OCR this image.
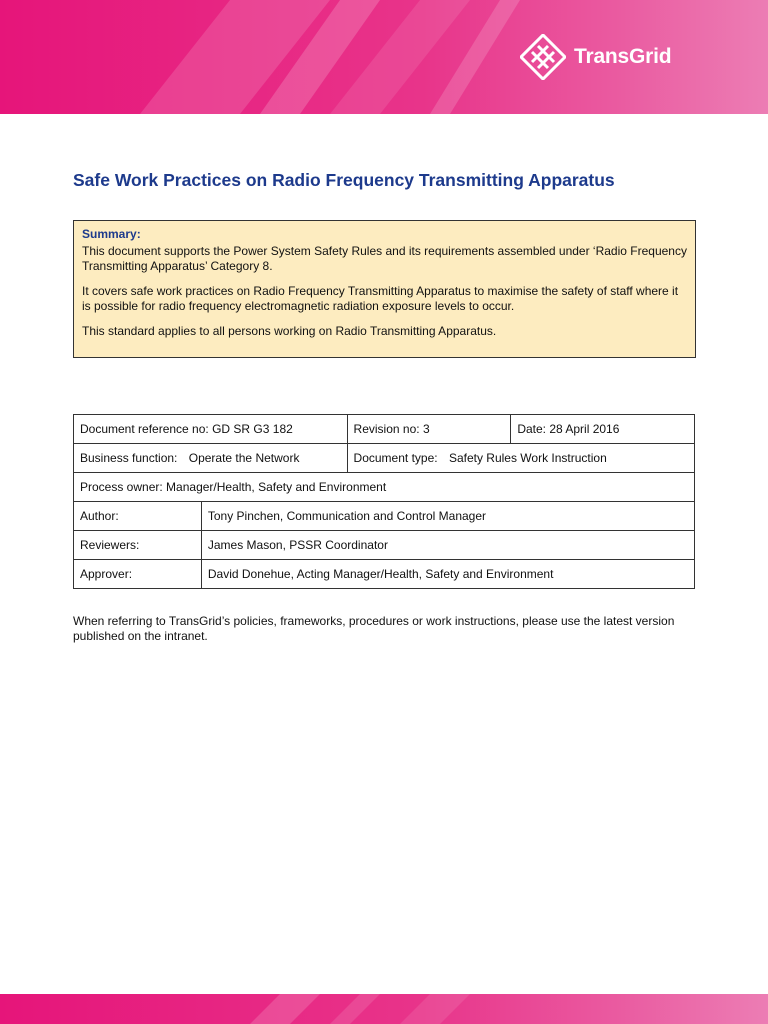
TransGrid
Safe Work Practices on Radio Frequency Transmitting Apparatus
Summary:

This document supports the Power System Safety Rules and its requirements assembled under ‘Radio Frequency Transmitting Apparatus’ Category 8.

It covers safe work practices on Radio Frequency Transmitting Apparatus to maximise the safety of staff where it is possible for radio frequency electromagnetic radiation exposure levels to occur.

This standard applies to all persons working on Radio Transmitting Apparatus.

Document reference no: GD SR G3 182		Revision no: 3	Date: 28 April 2016
Business function: Operate the Network		Document type: Safety Rules Work Instruction	
Process owner: Manager/Health, Safety and Environment			
Author:	Tony Pinchen, Communication and Control Manager		
Reviewers:	James Mason, PSSR Coordinator		
Approver:	David Donehue, Acting Manager/Health, Safety and Environment		

When referring to TransGrid’s policies, frameworks, procedures or work instructions, please use the latest version published on the intranet.
